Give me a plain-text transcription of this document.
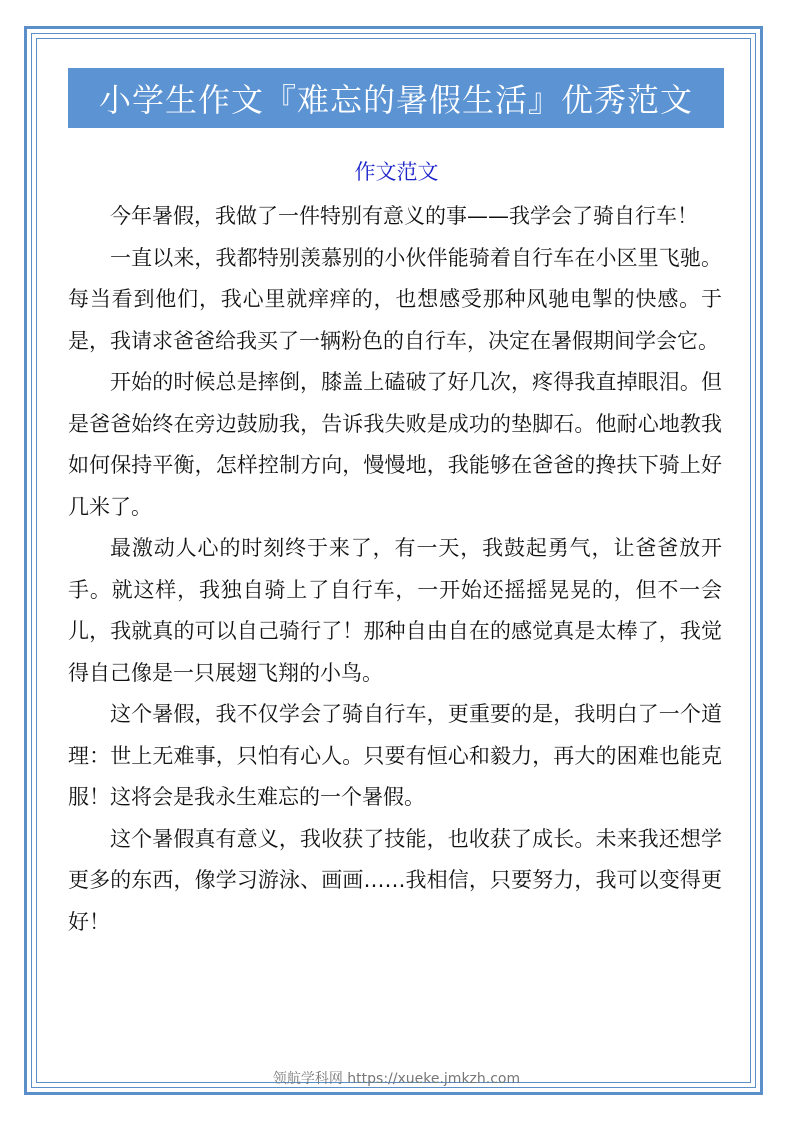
小学生作文『难忘的暑假生活』优秀范文
作文范文

今年暑假，我做了一件特别有意义的事——我学会了骑自行车！

一直以来，我都特别羡慕别的小伙伴能骑着自行车在小区里飞驰。每当看到他们，我心里就痒痒的，也想感受那种风驰电掣的快感。于是，我请求爸爸给我买了一辆粉色的自行车，决定在暑假期间学会它。

开始的时候总是摔倒，膝盖上磕破了好几次，疼得我直掉眼泪。但是爸爸始终在旁边鼓励我，告诉我失败是成功的垫脚石。他耐心地教我如何保持平衡，怎样控制方向，慢慢地，我能够在爸爸的搀扶下骑上好几米了。

最激动人心的时刻终于来了，有一天，我鼓起勇气，让爸爸放开手。就这样，我独自骑上了自行车，一开始还摇摇晃晃的，但不一会儿，我就真的可以自己骑行了！那种自由自在的感觉真是太棒了，我觉得自己像是一只展翅飞翔的小鸟。

这个暑假，我不仅学会了骑自行车，更重要的是，我明白了一个道理：世上无难事，只怕有心人。只要有恒心和毅力，再大的困难也能克服！这将会是我永生难忘的一个暑假。

这个暑假真有意义，我收获了技能，也收获了成长。未来我还想学更多的东西，像学习游泳、画画……我相信，只要努力，我可以变得更好！

领航学科网 https://xueke.jmkzh.com
